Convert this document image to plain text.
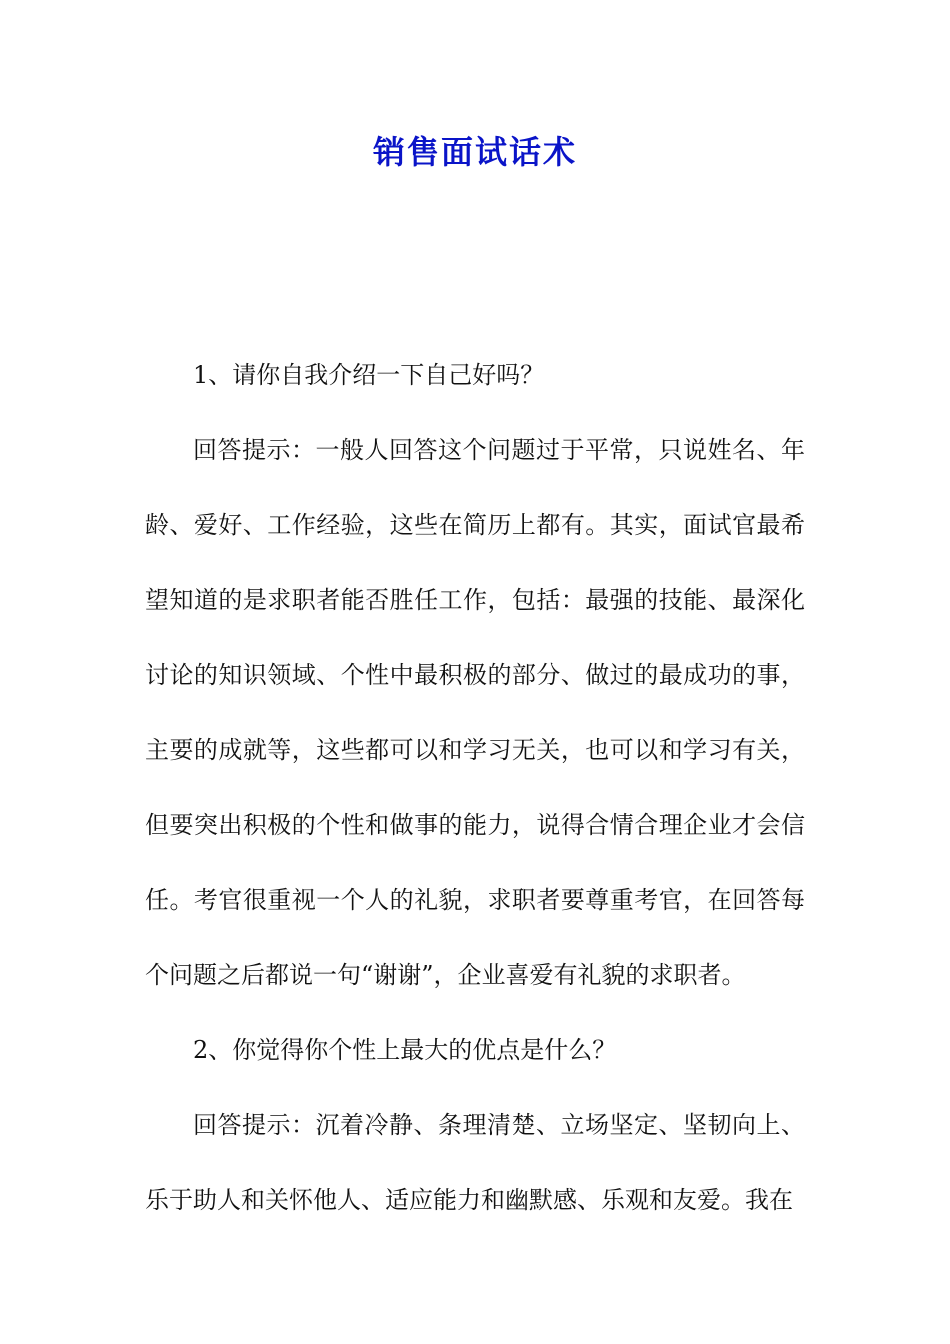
销售面试话术

1、请你自我介绍一下自己好吗？

回答提示：一般人回答这个问题过于平常，只说姓名、年龄、爱好、工作经验，这些在简历上都有。其实，面试官最希望知道的是求职者能否胜任工作，包括：最强的技能、最深化讨论的知识领域、个性中最积极的部分、做过的最成功的事，主要的成就等，这些都可以和学习无关，也可以和学习有关，但要突出积极的个性和做事的能力，说得合情合理企业才会信任。考官很重视一个人的礼貌，求职者要尊重考官，在回答每个问题之后都说一句“谢谢”，企业喜爱有礼貌的求职者。

2、你觉得你个性上最大的优点是什么？

回答提示：沉着冷静、条理清楚、立场坚定、坚韧向上、乐于助人和关怀他人、适应能力和幽默感、乐观和友爱。我在
